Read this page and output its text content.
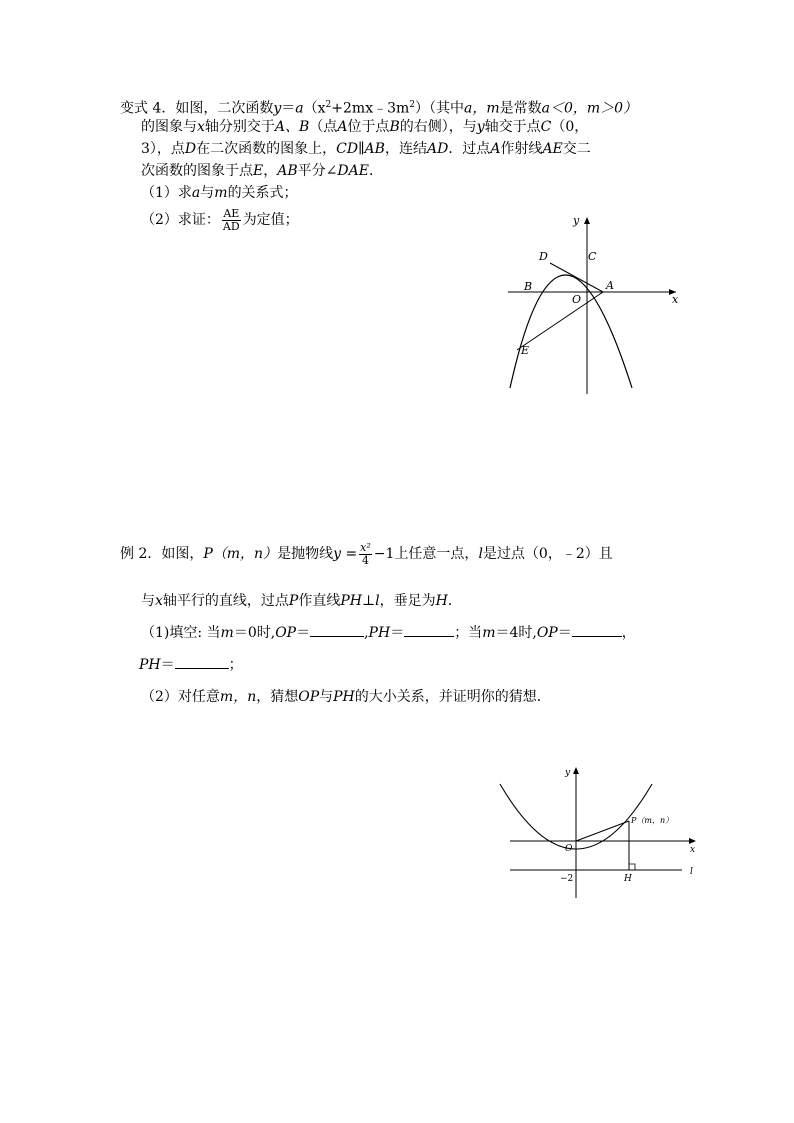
变式 4．如图，二次函数$y=a(x^2+2mx﹣3m^2)$（其中a，m是常数a＜0，m＞0）
的图象与x轴分别交于A、B（点A位于点B的右侧），与y轴交于点C（0，
3），点D在二次函数的图象上，CD∥AB，连结AD．过点A作射线AE交二
次函数的图象于点E，AB平分∠DAE．
（1）求a与m的关系式；
（2）求证： $\frac{AE}{AD}$ 为定值；	y
x
D	C
B
O
A
E
例 2．如图，P（m，n）是抛物线$y = \frac{\text{x²}}{4} -1$上任意一点，l是过点（0，﹣2）且
与x轴平行的直线，过点P作直线PH⊥l，垂足为H．
（1)填空: 当m＝0时,OP＝	,PH＝	；当m＝4时,OP＝	，
PH＝	；
（2）对任意m，n，猜想OP与PH的大小关系，并证明你的猜想．
y
x
O
P（m，n）
−2	H
l
